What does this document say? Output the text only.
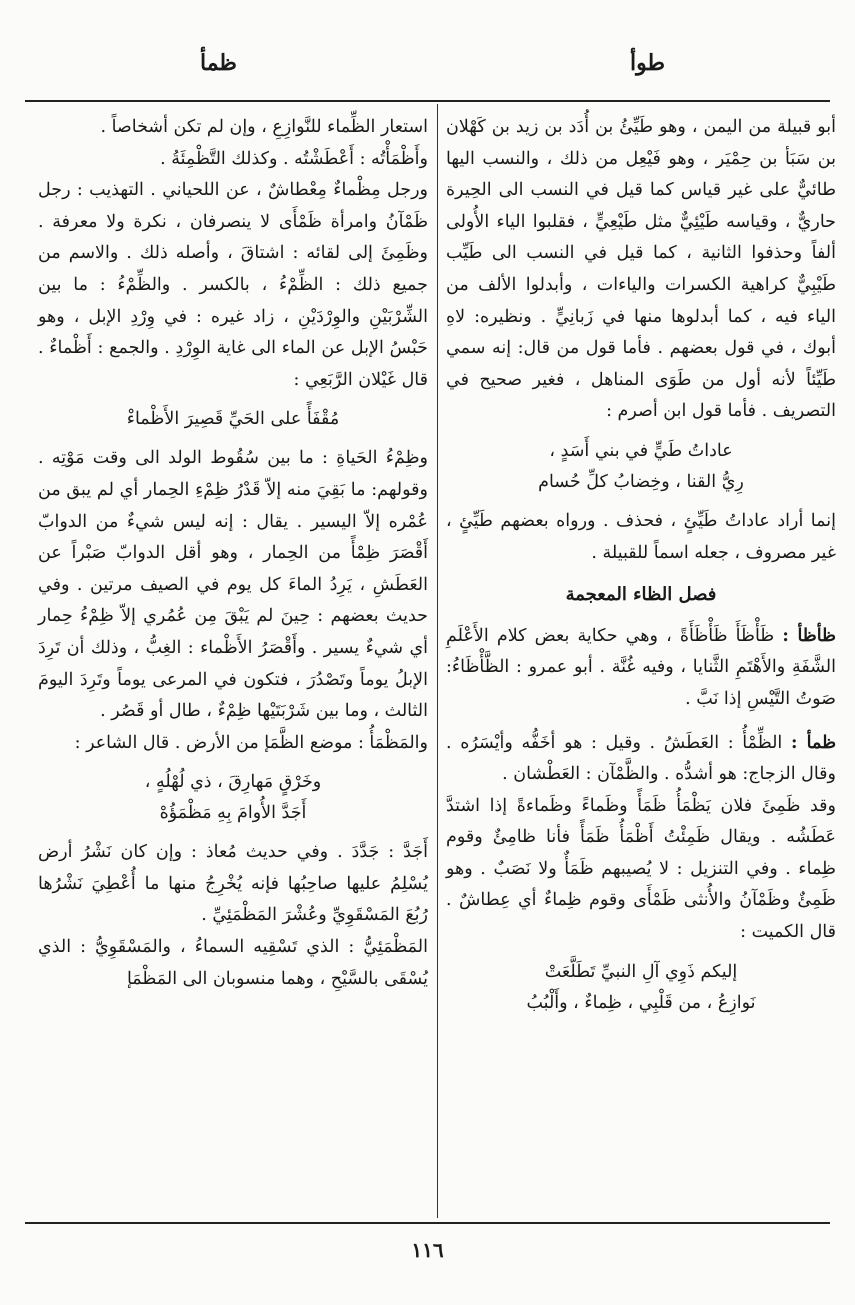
طوأ
ظمأ

أبو قبيلة من اليمن ، وهو طَيِّئُ بن أُدَد بن زيد بن كَهْلان بن سَبَأ بن حِمْيَر ، وهو فَيْعِل من ذلك ، والنسب اليها طائيٌّ على غير قياس كما قيل في النسب الى الحِيرة حاريٌّ ، وقياسه طَيْئِيٌّ مثل طَيْعِيٍّ ، فقلبوا الياء الأُولى ألفاً وحذفوا الثانية ، كما قيل في النسب الى طَيِّب طَيْبِيٌّ كراهية الكسرات والياءات ، وأبدلوا الألف من الياء فيه ، كما أبدلوها منها في زَبانِيٍّ . ونظيره: لاهِ أبوك ، في قول بعضهم . فأما قول من قال: إنه سمي طَيِّئاً لأنه أول من طَوَى المناهل ، فغير صحيح في التصريف . فأما قول ابن أصرم :

عاداتُ طَيٍّ في بني أَسَدٍ ،
رِيُّ القنا ، وخِضابُ كلِّ حُسام

إنما أراد عاداتُ طَيِّئٍ ، فحذف . ورواه بعضهم طَيِّئٍ ، غير مصروف ، جعله اسماً للقبيلة .

فصل الظاء المعجمة

ظأظأ : ظَأْظَأَ ظَأْظَأَةً ، وهي حكاية بعض كلام الأَعْلَمِ الشَّفَةِ والأَهْتَمِ الثَّنايا ، وفيه غُنَّة . أبو عمرو : الظَّأْظَاءُ: صَوتُ التَّيْسِ إذا نَبَّ .

ظمأ : الظِّمْأُ : العَطَشُ . وقيل : هو أخَفُّه وأيْسَرُه . وقال الزجاج: هو أشدُّه . والظَّمْآن : العَطْشان .

وقد ظَمِئَ فلان يَظْمَأُ ظَمَأً وظَماءً وظَماءةً إذا اشتدَّ عَطَشُه . ويقال ظَمِئْتُ أَظْمَأُ ظَمَأً فأنا ظامِئٌ وقوم ظِماء . وفي التنزيل : لا يُصيبهم ظَمَأٌ ولا نَصَبٌ . وهو ظَمِئٌ وظَمْآنُ والأُنثى ظَمْأَى وقوم ظِماءٌ أي عِطاشٌ . قال الكميت :

إليكم ذَوِي آلِ النبيِّ تَطَلَّعَتْ
نَوازِعُ ، من قَلْبِي ، ظِماءٌ ، وأَلْبُبُ

استعار الظِّماء للنَّوازِعِ ، وإن لم تكن أشخاصاً .

وأَظْمَأْتُه : أَعْطَشْتُه . وكذلك التَّظْمِئَةُ .

ورجل مِظْماءٌ مِعْطاشٌ ، عن اللحياني . التهذيب : رجل ظَمْآنُ وامرأة ظَمْأَى لا ينصرفان ، نكرة ولا معرفة . وظَمِئَ إلى لقائه : اشتاقَ ، وأصله ذلك . والاسم من جميع ذلك : الظِّمْءُ ، بالكسر . والظِّمْءُ : ما بين الشِّرْبَيْنِ والوِرْدَيْنِ ، زاد غيره : في وِرْدِ الإبل ، وهو حَبْسُ الإبل عن الماء الى غاية الوِرْدِ . والجمع : أَظْماءٌ . قال غَيْلان الرَّبَعِي :

مُقْفَأً على الحَيِّ قَصِيرَ الأَظْماءْ

وظِمْءُ الحَياةِ : ما بين سُقُوط الولد الى وقت مَوْتِه . وقولهم: ما بَقِيَ منه إلاّ قَدْرُ ظِمْءِ الحِمار أي لم يبق من عُمْره إلاّ اليسير . يقال : إنه ليس شيءٌ من الدوابّ أَقْصَرَ ظِمْأً من الحِمار ، وهو أقل الدوابّ صَبْراً عن العَطَشِ ، يَرِدُ الماءَ كل يوم في الصيف مرتين . وفي حديث بعضهم : حِينَ لم يَبْقَ مِن عُمُري إلاّ ظِمْءُ حِمار أي شيءٌ يسير . وأَقْصَرُ الأَظْماء : الغِبُّ ، وذلك أن تَرِدَ الإبلُ يوماً وتَصْدُرَ ، فتكون في المرعى يوماً وتَرِدَ اليومَ الثالث ، وما بين شَرْبَتَيْها ظِمْءٌ ، طال أو قَصُر .

والمَظْمَأُ : موضع الظَّمَإ من الأرض . قال الشاعر :

وخَرْقٍ مَهارِقَ ، ذي لُهْلُهٍ ،
أَجَدَّ الأُوامَ بِهِ مَظْمَؤُهْ

أَجَدَّ : جَدَّدَ . وفي حديث مُعاذ : وإن كان نَشْرُ أرض يُسْلِمُ عليها صاحِبُها فإنه يُخْرِجُ منها ما أُعْطِيَ نَشْرُها رُبُعَ المَسْقَوِيِّ وعُشْرَ المَظْمَئِيِّ .

المَظْمَئِيُّ : الذي تَسْقِيه السماءُ ، والمَسْقَوِيُّ : الذي يُسْقَى بالسَّيْحِ ، وهما منسوبان الى المَظْمَإ

١١٦
